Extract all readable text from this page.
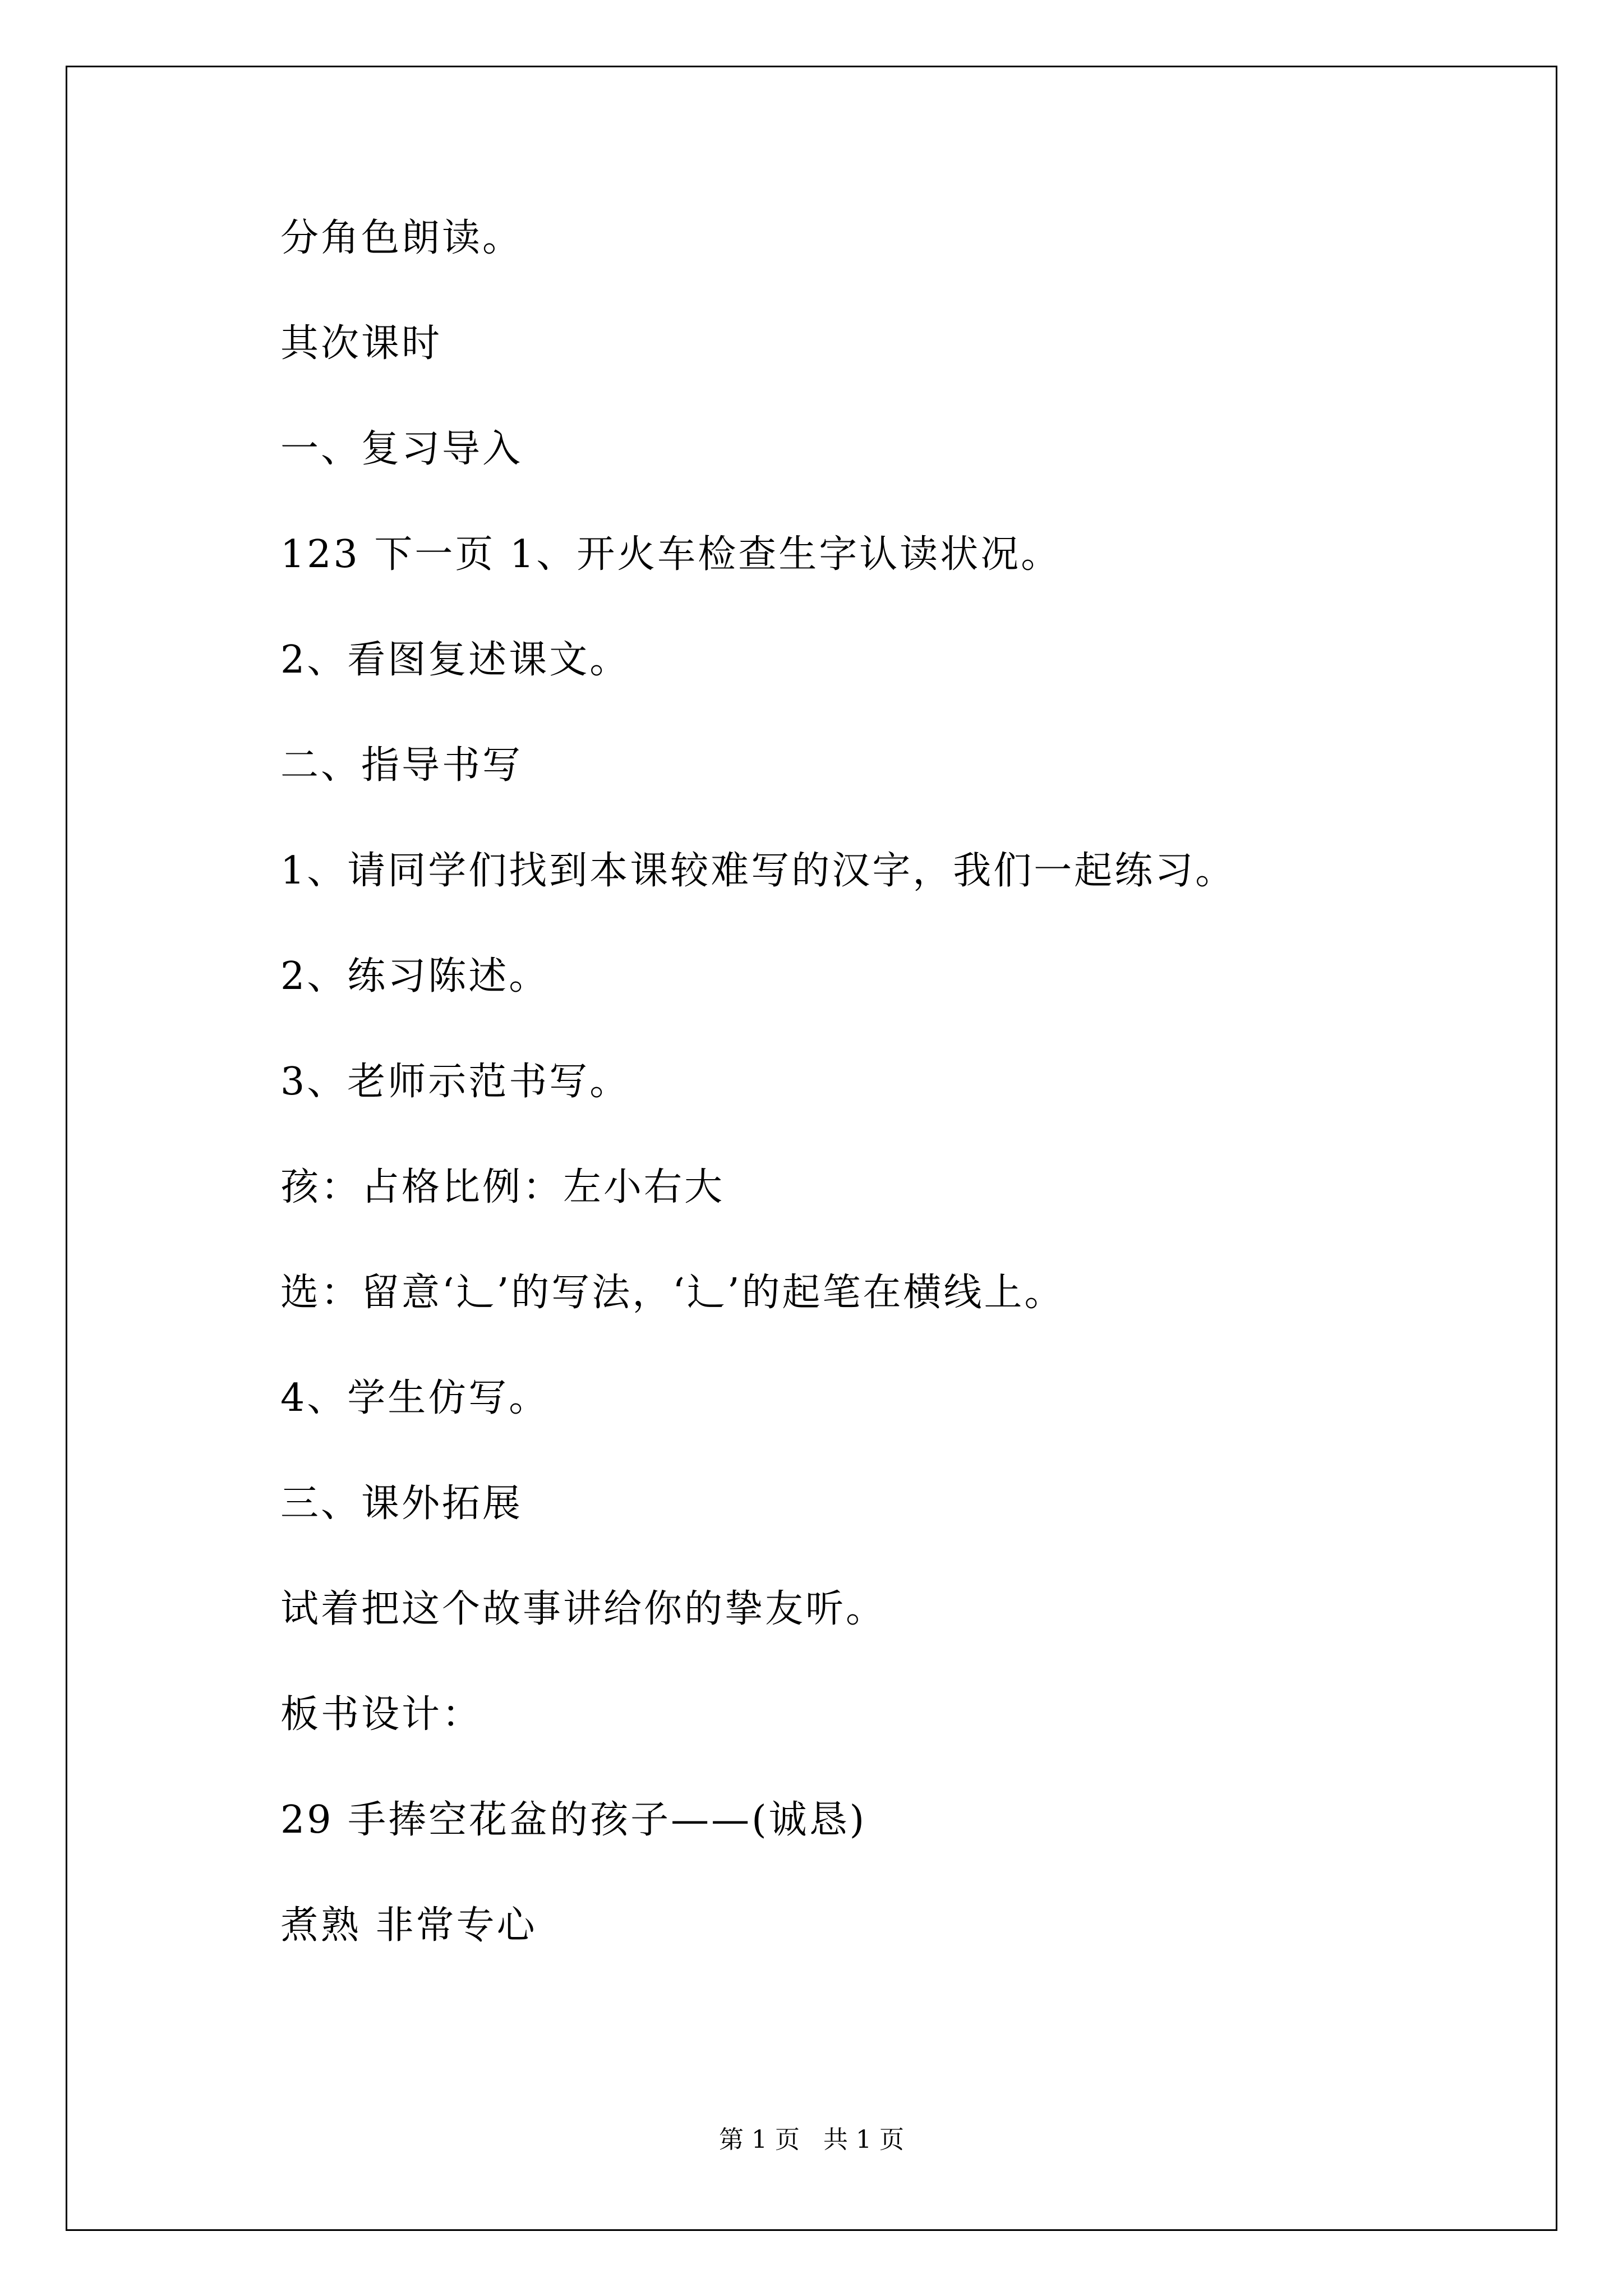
分角色朗读。
其次课时
一、复习导入
123 下一页 1、开火车检查生字认读状况。
2、看图复述课文。
二、指导书写
1、请同学们找到本课较难写的汉字，我们一起练习。
2、练习陈述。
3、老师示范书写。
孩：占格比例：左小右大
选：留意‘辶’的写法，‘辶’的起笔在横线上。
4、学生仿写。
三、课外拓展
试着把这个故事讲给你的挚友听。
板书设计：
29 手捧空花盆的孩子——(诚恳)
煮熟 非常专心
第 1 页   共 1 页
